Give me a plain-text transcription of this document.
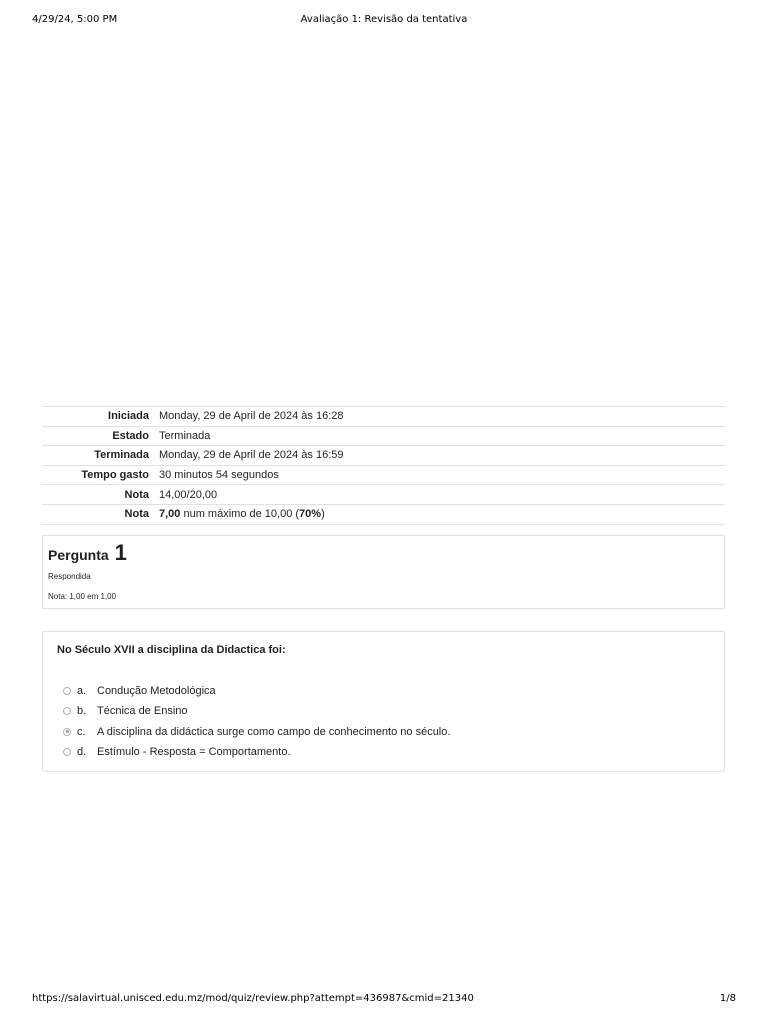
4/29/24, 5:00 PM	Avaliação 1: Revisão da tentativa
Iniciada	Monday, 29 de April de 2024 às 16:28
Estado	Terminada
Terminada	Monday, 29 de April de 2024 às 16:59
Tempo gasto	30 minutos 54 segundos
Nota	14,00/20,00
Nota	7,00 num máximo de 10,00 (70%)
Pergunta 1
Respondida
Nota: 1,00 em 1,00
No Século XVII a disciplina da Didactica foi:
a. Condução Metodológica
b. Técnica de Ensino
c.	A disciplina da didáctica surge como campo de conhecimento no século.
d. Estímulo - Resposta = Comportamento.
https://salavirtual.unisced.edu.mz/mod/quiz/review.php?attempt=436987&cmid=21340	1/8
